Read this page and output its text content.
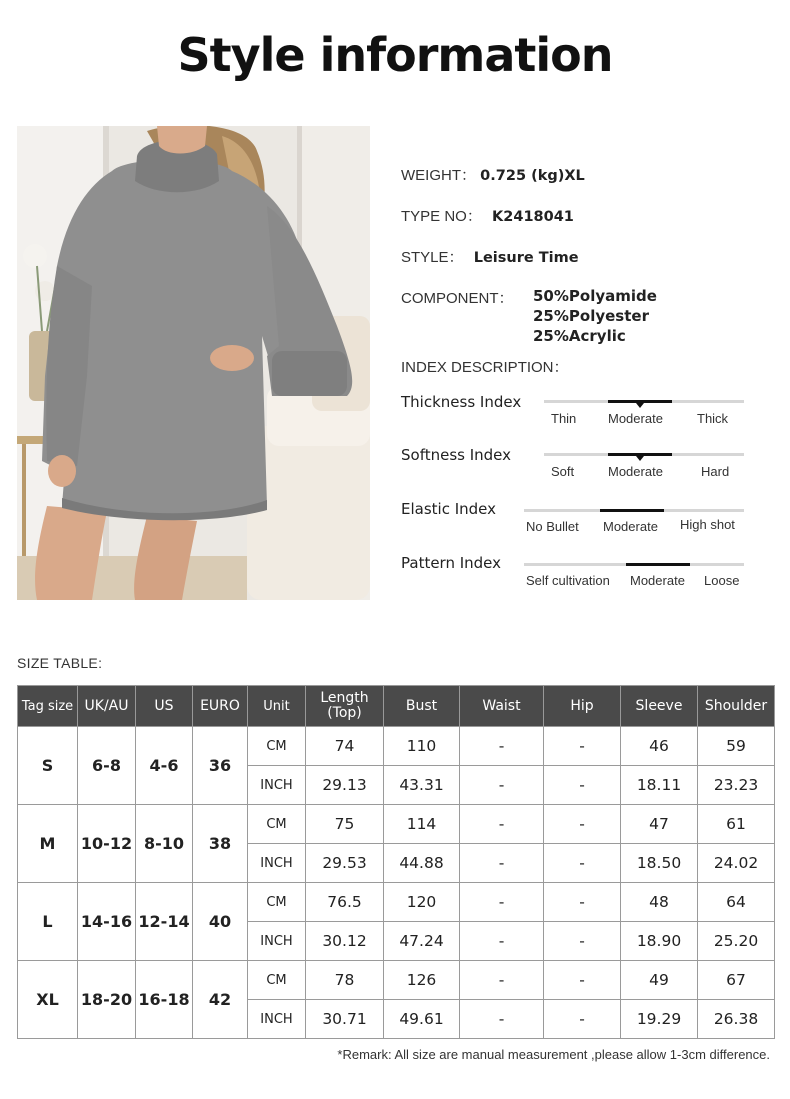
Style information
WEIGHT： 0.725 (kg)XL
TYPE NO： K2418041
STYLE： Leisure Time
COMPONENT： 50%Polyamide
25%Polyester
25%Acrylic
INDEX DESCRIPTION：
Thickness Index
Thin Moderate	Thick
Softness Index
Soft	Moderate	Hard
Elastic Index
No Bullet Moderate High shot
Pattern Index
Self cultivation Moderate Loose
SIZE TABLE:
Tag size	UK/AU	US	EURO	Unit	Length (Top)	Bust	Waist	Hip	Sleeve	Shoulder
S	6-8	4-6	36	CM	74	110	-	-	46	59
				INCH	29.13	43.31	-	-	18.11	23.23
M	10-12	8-10	38	CM	75	114	-	-	47	61
				INCH	29.53	44.88	-	-	18.50	24.02
L	14-16	12-14	40	CM	76.5	120	-	-	48	64
				INCH	30.12	47.24	-	-	18.90	25.20
XL	18-20	16-18	42	CM	78	126	-	-	49	67
				INCH	30.71	49.61	-	-	19.29	26.38
*Remark: All size are manual measurement ,please allow 1-3cm difference.
